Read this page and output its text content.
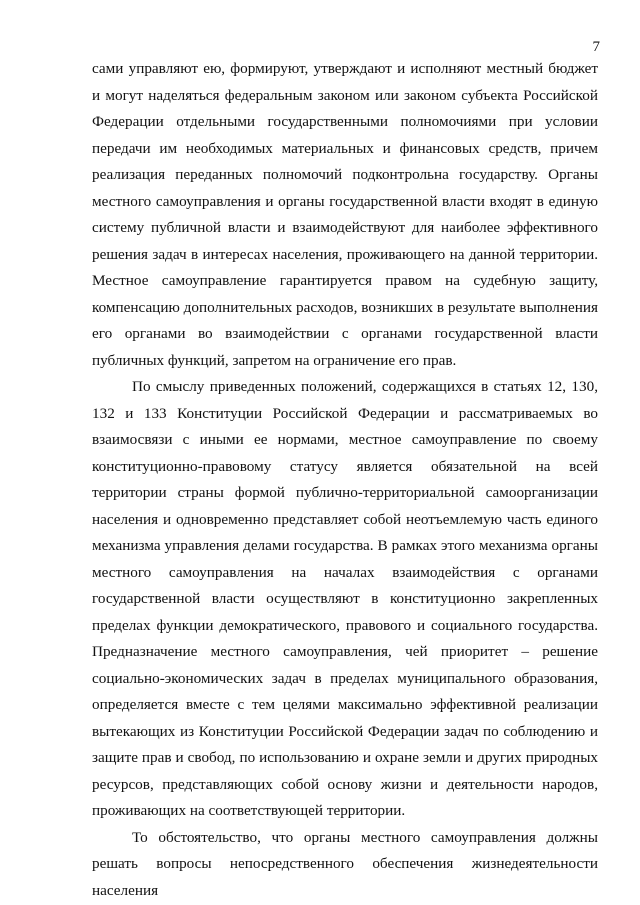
7

сами управляют ею, формируют, утверждают и исполняют местный бюджет и могут наделяться федеральным законом или законом субъекта Российской Федерации отдельными государственными полномочиями при условии передачи им необходимых материальных и финансовых средств, причем реализация переданных полномочий подконтрольна государству. Органы местного самоуправления и органы государственной власти входят в единую систему публичной власти и взаимодействуют для наиболее эффективного решения задач в интересах населения, проживающего на данной территории. Местное самоуправление гарантируется правом на судебную защиту, компенсацию дополнительных расходов, возникших в результате выполнения его органами во взаимодействии с органами государственной власти публичных функций, запретом на ограничение его прав.

По смыслу приведенных положений, содержащихся в статьях 12, 130, 132 и 133 Конституции Российской Федерации и рассматриваемых во взаимосвязи с иными ее нормами, местное самоуправление по своему конституционно-правовому статусу является обязательной на всей территории страны формой публично-территориальной самоорганизации населения и одновременно представляет собой неотъемлемую часть единого механизма управления делами государства. В рамках этого механизма органы местного самоуправления на началах взаимодействия с органами государственной власти осуществляют в конституционно закрепленных пределах функции демократического, правового и социального государства. Предназначение местного самоуправления, чей приоритет – решение социально-экономических задач в пределах муниципального образования, определяется вместе с тем целями максимально эффективной реализации вытекающих из Конституции Российской Федерации задач по соблюдению и защите прав и свобод, по использованию и охране земли и других природных ресурсов, представляющих собой основу жизни и деятельности народов, проживающих на соответствующей территории.

То обстоятельство, что органы местного самоуправления должны решать вопросы непосредственного обеспечения жизнедеятельности населения
